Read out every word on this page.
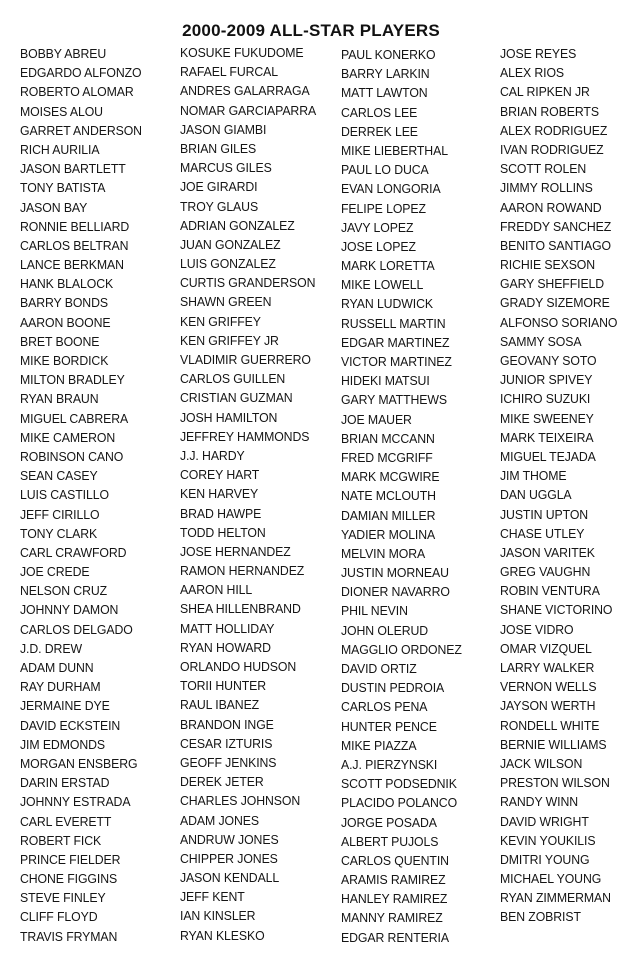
2000-2009 ALL-STAR PLAYERS
BOBBY ABREU
EDGARDO ALFONZO
ROBERTO ALOMAR
MOISES ALOU
GARRET ANDERSON
RICH AURILIA
JASON BARTLETT
TONY BATISTA
JASON BAY
RONNIE BELLIARD
CARLOS BELTRAN
LANCE BERKMAN
HANK BLALOCK
BARRY BONDS
AARON BOONE
BRET BOONE
MIKE BORDICK
MILTON BRADLEY
RYAN BRAUN
MIGUEL CABRERA
MIKE CAMERON
ROBINSON CANO
SEAN CASEY
LUIS CASTILLO
JEFF CIRILLO
TONY CLARK
CARL CRAWFORD
JOE CREDE
NELSON CRUZ
JOHNNY DAMON
CARLOS DELGADO
J.D. DREW
ADAM DUNN
RAY DURHAM
JERMAINE DYE
DAVID ECKSTEIN
JIM EDMONDS
MORGAN ENSBERG
DARIN ERSTAD
JOHNNY ESTRADA
CARL EVERETT
ROBERT FICK
PRINCE FIELDER
CHONE FIGGINS
STEVE FINLEY
CLIFF FLOYD
TRAVIS FRYMAN
KOSUKE FUKUDOME
RAFAEL FURCAL
ANDRES GALARRAGA
NOMAR GARCIAPARRA
JASON GIAMBI
BRIAN GILES
MARCUS GILES
JOE GIRARDI
TROY GLAUS
ADRIAN GONZALEZ
JUAN GONZALEZ
LUIS GONZALEZ
CURTIS GRANDERSON
SHAWN GREEN
KEN GRIFFEY
KEN GRIFFEY JR
VLADIMIR GUERRERO
CARLOS GUILLEN
CRISTIAN GUZMAN
JOSH HAMILTON
JEFFREY HAMMONDS
J.J. HARDY
COREY HART
KEN HARVEY
BRAD HAWPE
TODD HELTON
JOSE HERNANDEZ
RAMON HERNANDEZ
AARON HILL
SHEA HILLENBRAND
MATT HOLLIDAY
RYAN HOWARD
ORLANDO HUDSON
TORII HUNTER
RAUL IBANEZ
BRANDON INGE
CESAR IZTURIS
GEOFF JENKINS
DEREK JETER
CHARLES JOHNSON
ADAM JONES
ANDRUW JONES
CHIPPER JONES
JASON KENDALL
JEFF KENT
IAN KINSLER
RYAN KLESKO
PAUL KONERKO
BARRY LARKIN
MATT LAWTON
CARLOS LEE
DERREK LEE
MIKE LIEBERTHAL
PAUL LO DUCA
EVAN LONGORIA
FELIPE LOPEZ
JAVY LOPEZ
JOSE LOPEZ
MARK LORETTA
MIKE LOWELL
RYAN LUDWICK
RUSSELL MARTIN
EDGAR MARTINEZ
VICTOR MARTINEZ
HIDEKI MATSUI
GARY MATTHEWS
JOE MAUER
BRIAN MCCANN
FRED MCGRIFF
MARK MCGWIRE
NATE MCLOUTH
DAMIAN MILLER
YADIER MOLINA
MELVIN MORA
JUSTIN MORNEAU
DIONER NAVARRO
PHIL NEVIN
JOHN OLERUD
MAGGLIO ORDONEZ
DAVID ORTIZ
DUSTIN PEDROIA
CARLOS PENA
HUNTER PENCE
MIKE PIAZZA
A.J. PIERZYNSKI
SCOTT PODSEDNIK
PLACIDO POLANCO
JORGE POSADA
ALBERT PUJOLS
CARLOS QUENTIN
ARAMIS RAMIREZ
HANLEY RAMIREZ
MANNY RAMIREZ
EDGAR RENTERIA
JOSE REYES
ALEX RIOS
CAL RIPKEN JR
BRIAN ROBERTS
ALEX RODRIGUEZ
IVAN RODRIGUEZ
SCOTT ROLEN
JIMMY ROLLINS
AARON ROWAND
FREDDY SANCHEZ
BENITO SANTIAGO
RICHIE SEXSON
GARY SHEFFIELD
GRADY SIZEMORE
ALFONSO SORIANO
SAMMY SOSA
GEOVANY SOTO
JUNIOR SPIVEY
ICHIRO SUZUKI
MIKE SWEENEY
MARK TEIXEIRA
MIGUEL TEJADA
JIM THOME
DAN UGGLA
JUSTIN UPTON
CHASE UTLEY
JASON VARITEK
GREG VAUGHN
ROBIN VENTURA
SHANE VICTORINO
JOSE VIDRO
OMAR VIZQUEL
LARRY WALKER
VERNON WELLS
JAYSON WERTH
RONDELL WHITE
BERNIE WILLIAMS
JACK WILSON
PRESTON WILSON
RANDY WINN
DAVID WRIGHT
KEVIN YOUKILIS
DMITRI YOUNG
MICHAEL YOUNG
RYAN ZIMMERMAN
BEN ZOBRIST
